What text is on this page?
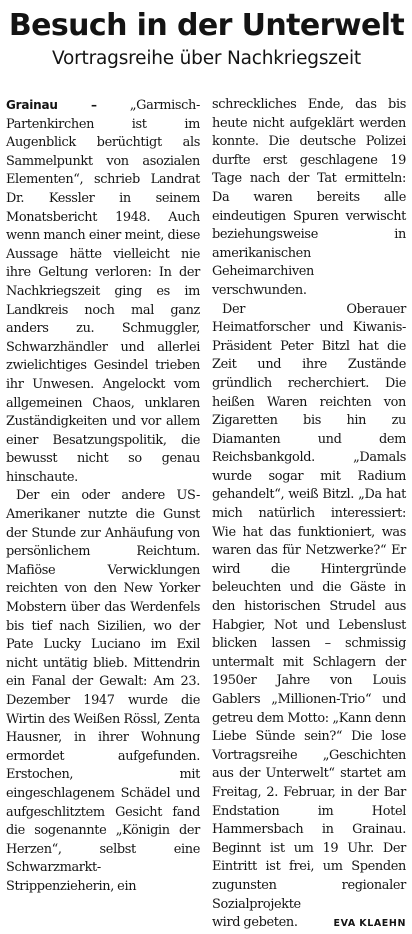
Besuch in der Unterwelt
Vortragsreihe über Nachkriegszeit

Grainau –	„Garmisch-Partenkirchen ist im Augenblick berüchtigt als Sammelpunkt von asozialen Elementen“, schrieb Landrat Dr. Kessler in seinem Monatsbericht 1948. Auch wenn manch einer meint, diese Aussage hätte vielleicht nie ihre Geltung verloren: In der Nachkriegszeit ging es im Landkreis noch mal ganz anders zu. Schmuggler, Schwarzhändler und allerlei zwielichtiges Gesindel trieben ihr Unwesen. Angelockt vom allgemeinen Chaos, unklaren Zuständigkeiten und vor allem einer Besatzungspolitik, die bewusst nicht so genau hinschaute.

Der ein oder andere US-Amerikaner nutzte die Gunst der Stunde zur Anhäufung von persönlichem Reichtum. Mafiöse Verwicklungen reichten von den New Yorker Mobstern über das Werdenfels bis tief nach Sizilien, wo der Pate Lucky Luciano im Exil nicht untätig blieb. Mittendrin ein Fanal der Gewalt: Am 23. Dezember 1947 wurde die Wirtin des Weißen Rössl, Zenta Hausner, in ihrer Wohnung ermordet aufgefunden. Erstochen, mit eingeschlagenem Schädel und aufgeschlitztem Gesicht fand die sogenannte „Königin der Herzen“, selbst eine Schwarzmarkt-Strippenzieherin, ein

schreckliches Ende, das bis heute nicht aufgeklärt werden konnte. Die deutsche Polizei durfte erst geschlagene 19 Tage nach der Tat ermitteln: Da waren bereits alle eindeutigen Spuren verwischt beziehungsweise in amerikanischen Geheimarchiven verschwunden.

Der Oberauer Heimatforscher und Kiwanis-Präsident Peter Bitzl hat die Zeit und ihre Zustände gründlich recherchiert. Die heißen Waren reichten von Zigaretten bis hin zu Diamanten und dem Reichsbankgold. „Damals wurde sogar mit Radium gehandelt“, weiß Bitzl. „Da hat mich natürlich interessiert: Wie hat das funktioniert, was waren das für Netzwerke?“ Er wird die Hintergründe beleuchten und die Gäste in den historischen Strudel aus Habgier, Not und Lebenslust blicken lassen – schmissig untermalt mit Schlagern der 1950er Jahre von Louis Gablers „Millionen-Trio“ und getreu dem Motto: „Kann denn Liebe Sünde sein?“ Die lose Vortragsreihe „Geschichten aus der Unterwelt“ startet am Freitag, 2. Februar, in der Bar Endstation im Hotel Hammersbach in Grainau. Beginnt ist um 19 Uhr. Der Eintritt ist frei, um Spenden zugunsten regionaler Sozialprojekte

wird gebeten.	EVA KLAEHN
